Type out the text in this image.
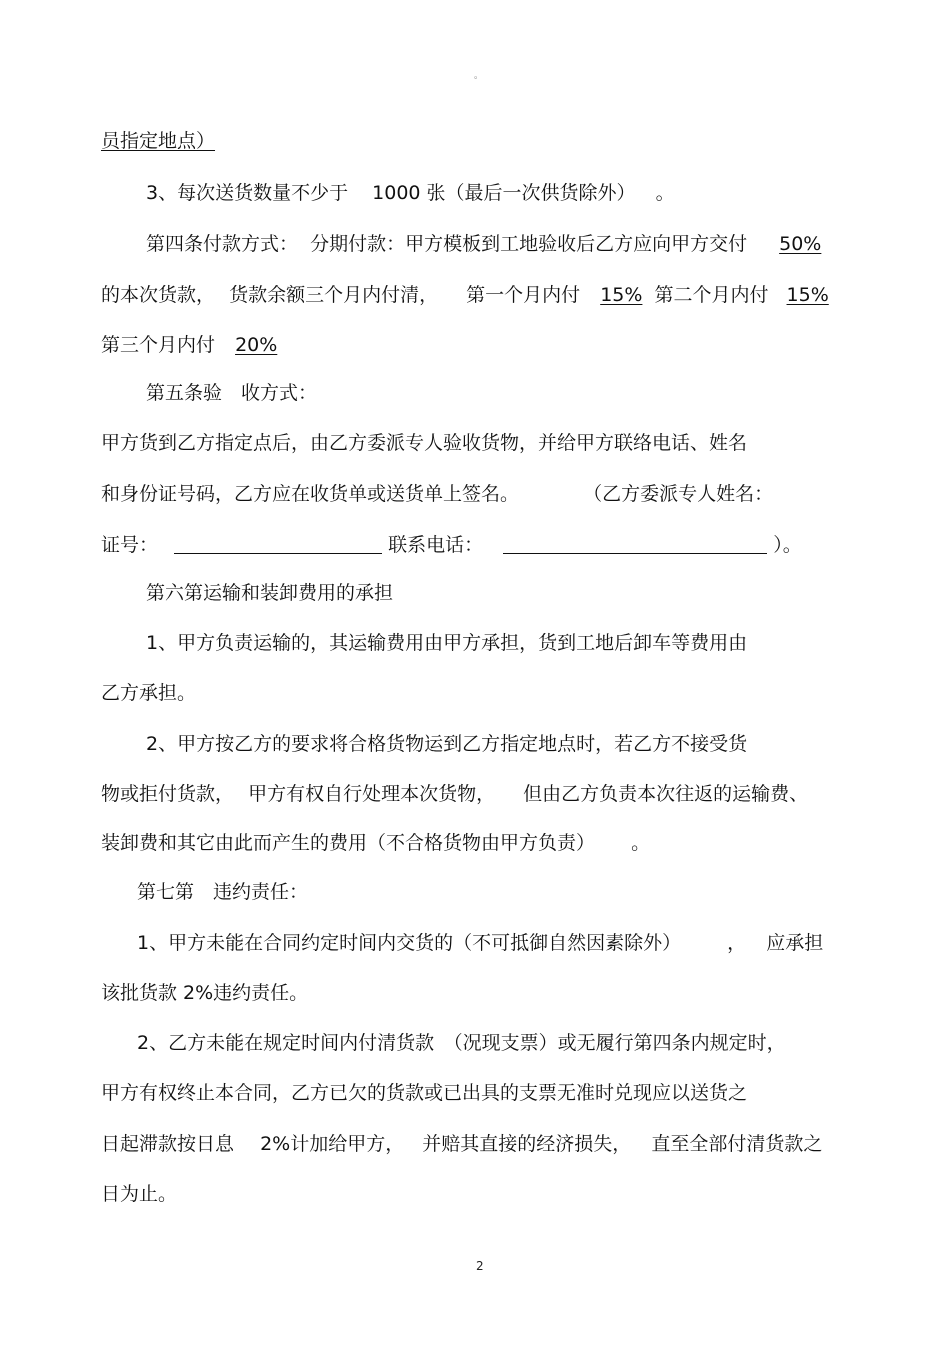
。
员指定地点）
3、每次送货数量不少于 1000 张（最后一次供货除外） 。
第四条付款方式： 分期付款：甲方模板到工地验收后乙方应向甲方交付 50%
的本次货款， 货款余额三个月内付清， 第一个月内付 15% 第二个月内付 15%
第三个月内付 20%
第五条验　收方式：
甲方货到乙方指定点后，由乙方委派专人验收货物，并给甲方联络电话、姓名
和身份证号码，乙方应在收货单或送货单上签名。	（乙方委派专人姓名：
证号：	联系电话：	）。
第六第运输和装卸费用的承担
1、甲方负责运输的，其运输费用由甲方承担，货到工地后卸车等费用由
乙方承担。
2、甲方按乙方的要求将合格货物运到乙方指定地点时，若乙方不接受货
物或拒付货款， 甲方有权自行处理本次货物， 但由乙方负责本次往返的运输费、
装卸费和其它由此而产生的费用（不合格货物由甲方负责） 。
第七第　违约责任：
1、甲方未能在合同约定时间内交货的（不可抵御自然因素除外） ， 应承担
该批货款 2%违约责任。
2、乙方未能在规定时间内付清货款　（况现支票）或无履行第四条内规定时，
甲方有权终止本合同，乙方已欠的货款或已出具的支票无准时兑现应以送货之
日起滞款按日息 2%计加给甲方， 并赔其直接的经济损失， 直至全部付清货款之
日为止。
2
